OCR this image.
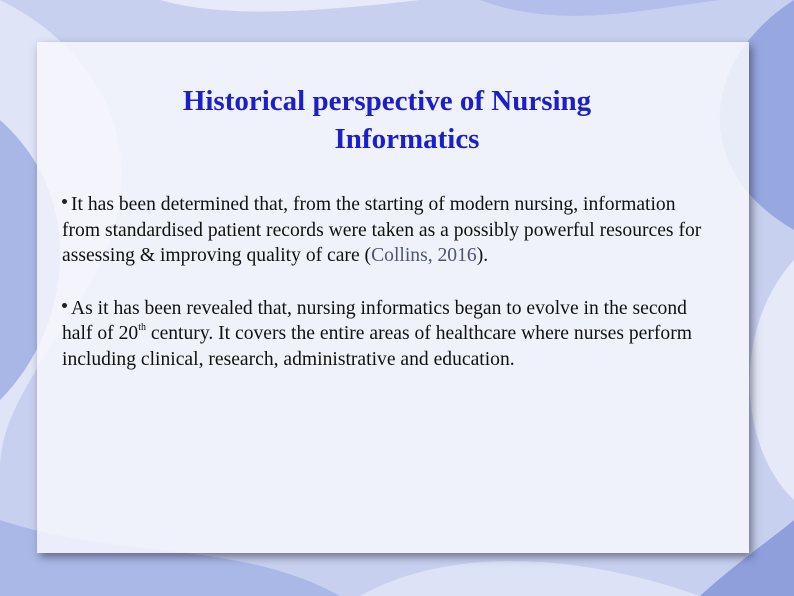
Historical perspective of Nursing
Informatics

It has been determined that, from the starting of modern nursing, information from standardised patient records were taken as a possibly powerful resources for assessing & improving quality of care (Collins, 2016).

As it has been revealed that, nursing informatics began to evolve in the second half of 20th century. It covers the entire areas of healthcare where nurses perform including clinical, research, administrative and education.
